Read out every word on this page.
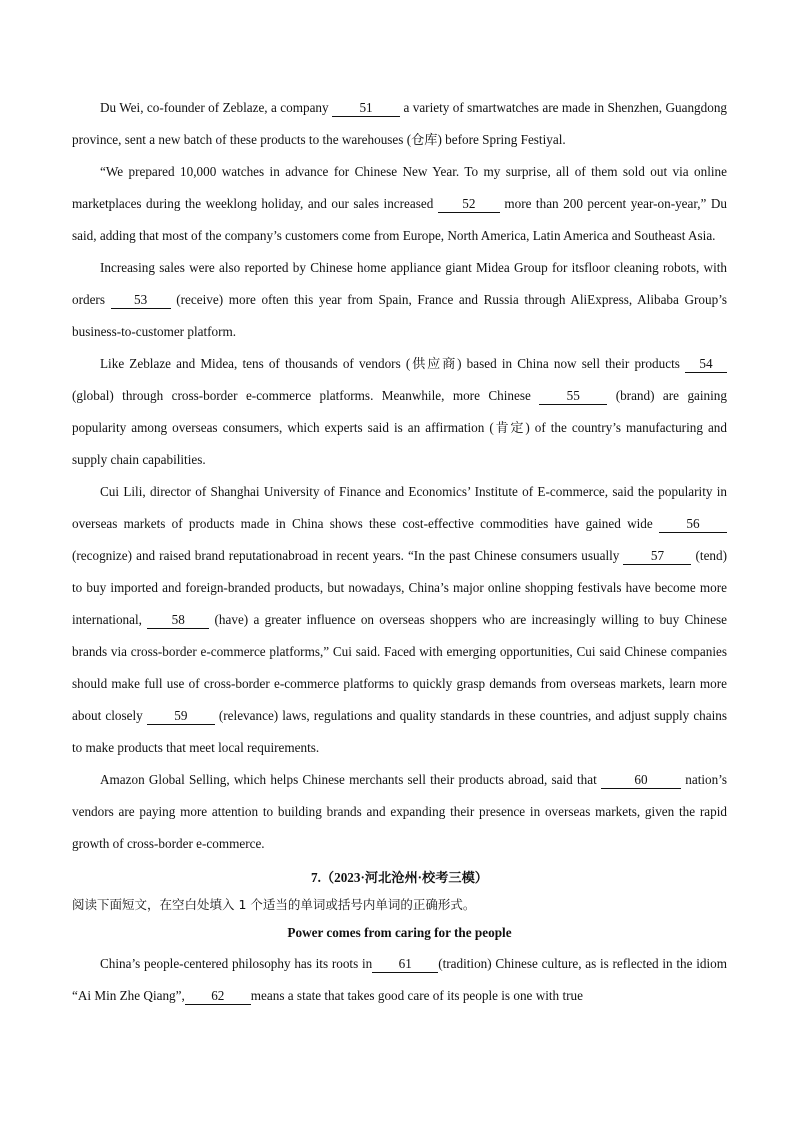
Du Wei, co-founder of Zeblaze, a company 51 a variety of smartwatches are made in Shenzhen, Guangdong province, sent a new batch of these products to the warehouses (仓库) before Spring Festiyal.

“We prepared 10,000 watches in advance for Chinese New Year. To my surprise, all of them sold out via online marketplaces during the weeklong holiday, and our sales increased 52 more than 200 percent year-on-year,” Du said, adding that most of the company’s customers come from Europe, North America, Latin America and Southeast Asia.

Increasing sales were also reported by Chinese home appliance giant Midea Group for itsfloor cleaning robots, with orders 53 (receive) more often this year from Spain, France and Russia through AliExpress, Alibaba Group’s business-to-customer platform.

Like Zeblaze and Midea, tens of thousands of vendors (供应商) based in China now sell their products 54 (global) through cross-border e-commerce platforms. Meanwhile, more Chinese	55	(brand) are gaining popularity among overseas consumers, which experts said is an affirmation (肯定) of the country’s manufacturing and supply chain capabilities.

Cui Lili, director of Shanghai University of Finance and Economics’ Institute of E-commerce, said the popularity in overseas markets of products made in China shows these cost-effective commodities have gained wide	56 (recognize) and raised brand reputationabroad in recent years. “In the past Chinese consumers usually 57 (tend) to buy imported and foreign-branded products, but nowadays, China’s major online shopping festivals have become more international, 58 (have) a greater influence on overseas shoppers who are increasingly willing to buy Chinese brands via cross-border e-commerce platforms,” Cui said. Faced with emerging opportunities, Cui said Chinese companies should make full use of cross-border e-commerce platforms to quickly grasp demands from overseas markets, learn more about closely 59 (relevance) laws, regulations and quality standards in these countries, and adjust supply chains to make products that meet local requirements.

Amazon Global Selling, which helps Chinese merchants sell their products abroad, said that	60	nation’s vendors are paying more attention to building brands and expanding their presence in overseas markets, given the rapid growth of cross-border e-commerce.

7.（2023·河北沧州·校考三模）
阅读下面短文，在空白处填入 1 个适当的单词或括号内单词的正确形式。
Power comes from caring for the people

China’s people-centered philosophy has its roots in 61 (tradition) Chinese culture, as is reflected in the idiom “Ai Min Zhe Qiang”, 62 means a state that takes good care of its people is one with true
